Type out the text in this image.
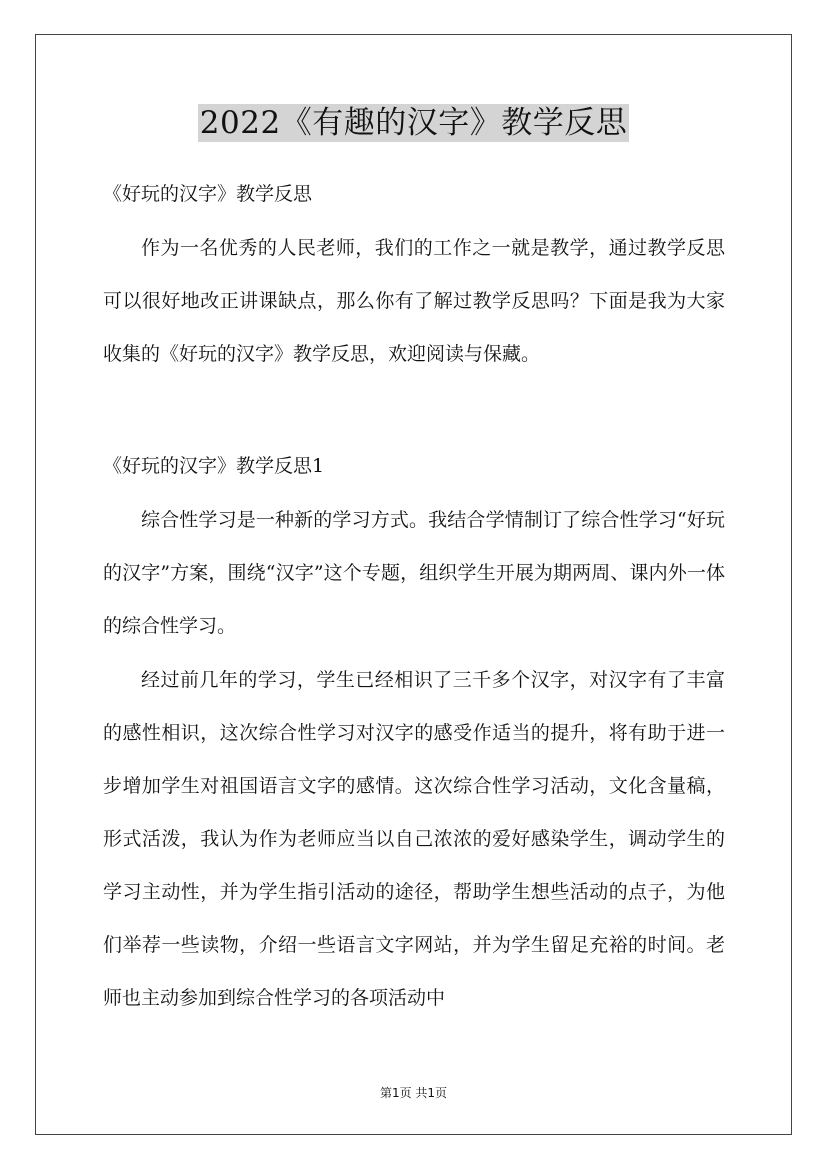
2022《有趣的汉字》教学反思
《好玩的汉字》教学反思
作为一名优秀的人民老师，我们的工作之一就是教学，通过教学反思可以很好地改正讲课缺点，那么你有了解过教学反思吗？下面是我为大家收集的《好玩的汉字》教学反思，欢迎阅读与保藏。
《好玩的汉字》教学反思1
综合性学习是一种新的学习方式。我结合学情制订了综合性学习“好玩的汉字”方案，围绕“汉字”这个专题，组织学生开展为期两周、课内外一体的综合性学习。
经过前几年的学习，学生已经相识了三千多个汉字，对汉字有了丰富的感性相识，这次综合性学习对汉字的感受作适当的提升，将有助于进一步增加学生对祖国语言文字的感情。这次综合性学习活动，文化含量稿，形式活泼，我认为作为老师应当以自己浓浓的爱好感染学生，调动学生的学习主动性，并为学生指引活动的途径，帮助学生想些活动的点子，为他们举荐一些读物，介绍一些语言文字网站，并为学生留足充裕的时间。老师也主动参加到综合性学习的各项活动中
第1页 共1页
